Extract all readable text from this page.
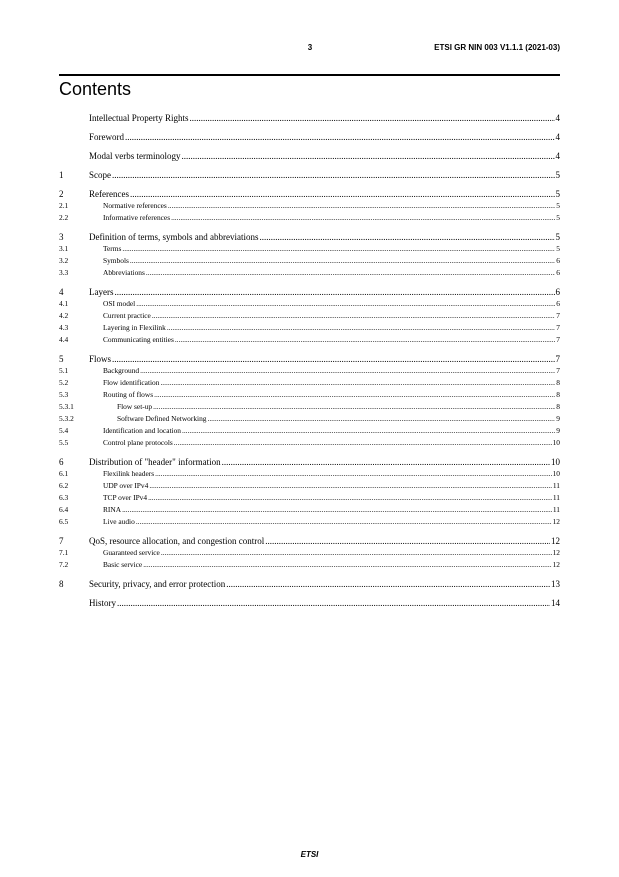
3	ETSI GR NIN 003 V1.1.1 (2021-03)
Contents
Intellectual Property Rights .....	4
Foreword .....	4
Modal verbs terminology .....	4
1	Scope .....	5
2	References .....	5
2.1	Normative references .....	5
2.2	Informative references .....	5
3	Definition of terms, symbols and abbreviations .....	5
3.1	Terms .....	5
3.2	Symbols .....	6
3.3	Abbreviations .....	6
4	Layers .....	6
4.1	OSI model .....	6
4.2	Current practice .....	7
4.3	Layering in Flexilink .....	7
4.4	Communicating entities .....	7
5	Flows .....	7
5.1	Background .....	7
5.2	Flow identification .....	8
5.3	Routing of flows .....	8
5.3.1	Flow set-up .....	8
5.3.2	Software Defined Networking .....	9
5.4	Identification and location .....	9
5.5	Control plane protocols .....	10
6	Distribution of "header" information .....	10
6.1	Flexilink headers .....	10
6.2	UDP over IPv4 .....	11
6.3	TCP over IPv4 .....	11
6.4	RINA .....	11
6.5	Live audio .....	12
7	QoS, resource allocation, and congestion control .....	12
7.1	Guaranteed service .....	12
7.2	Basic service .....	12
8	Security, privacy, and error protection .....	13
History .....	14
ETSI
